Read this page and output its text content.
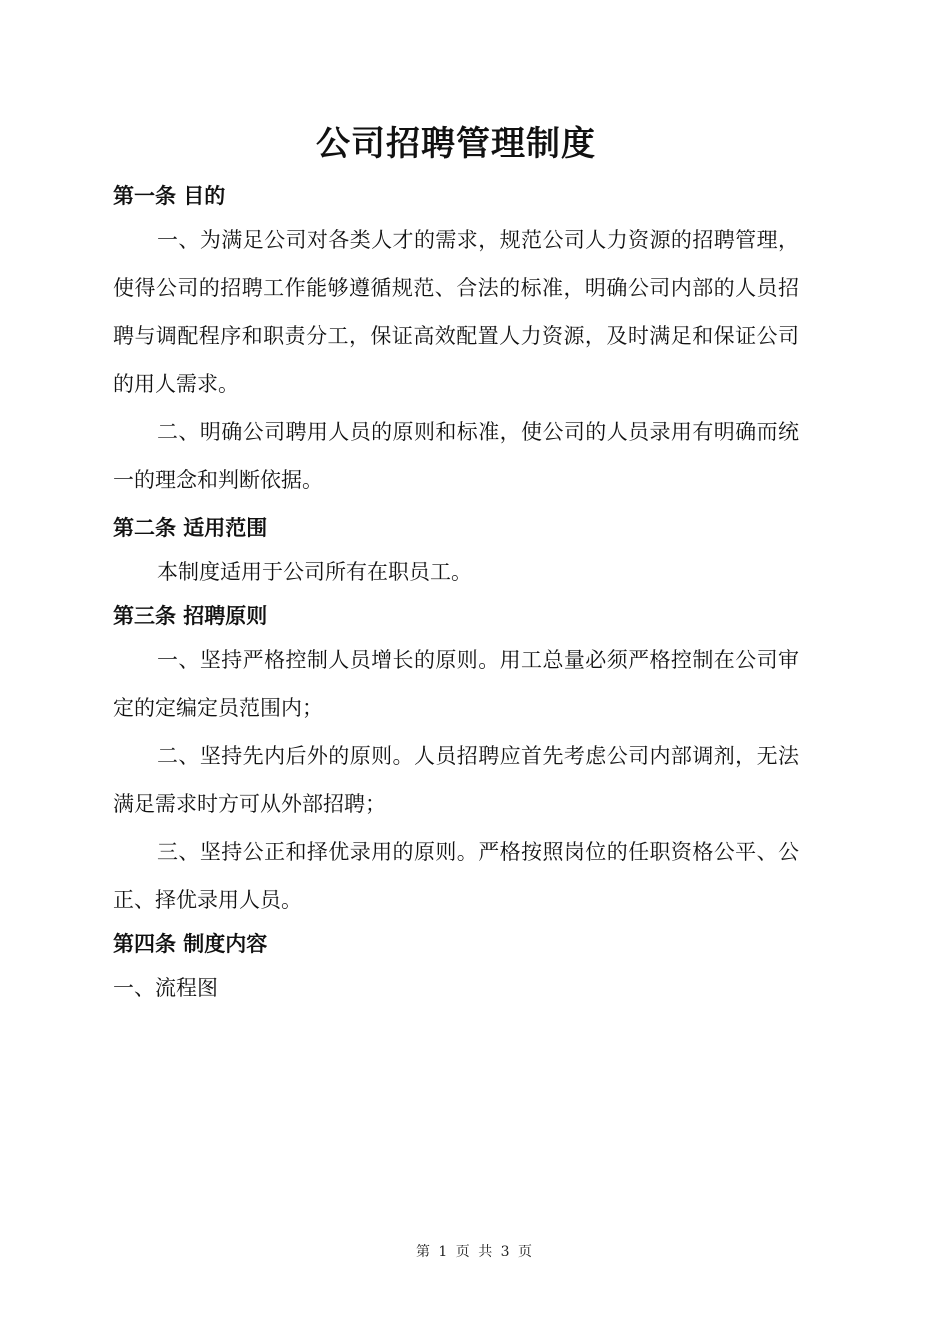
公司招聘管理制度
第一条 目的

一、为满足公司对各类人才的需求，规范公司人力资源的招聘管理，使得公司的招聘工作能够遵循规范、合法的标准，明确公司内部的人员招聘与调配程序和职责分工，保证高效配置人力资源，及时满足和保证公司的用人需求。

二、明确公司聘用人员的原则和标准，使公司的人员录用有明确而统一的理念和判断依据。

第二条 适用范围

本制度适用于公司所有在职员工。

第三条 招聘原则

一、坚持严格控制人员增长的原则。用工总量必须严格控制在公司审定的定编定员范围内；

二、坚持先内后外的原则。人员招聘应首先考虑公司内部调剂，无法满足需求时方可从外部招聘；

三、坚持公正和择优录用的原则。严格按照岗位的任职资格公平、公正、择优录用人员。

第四条 制度内容

一、流程图

第 1 页 共 3 页
